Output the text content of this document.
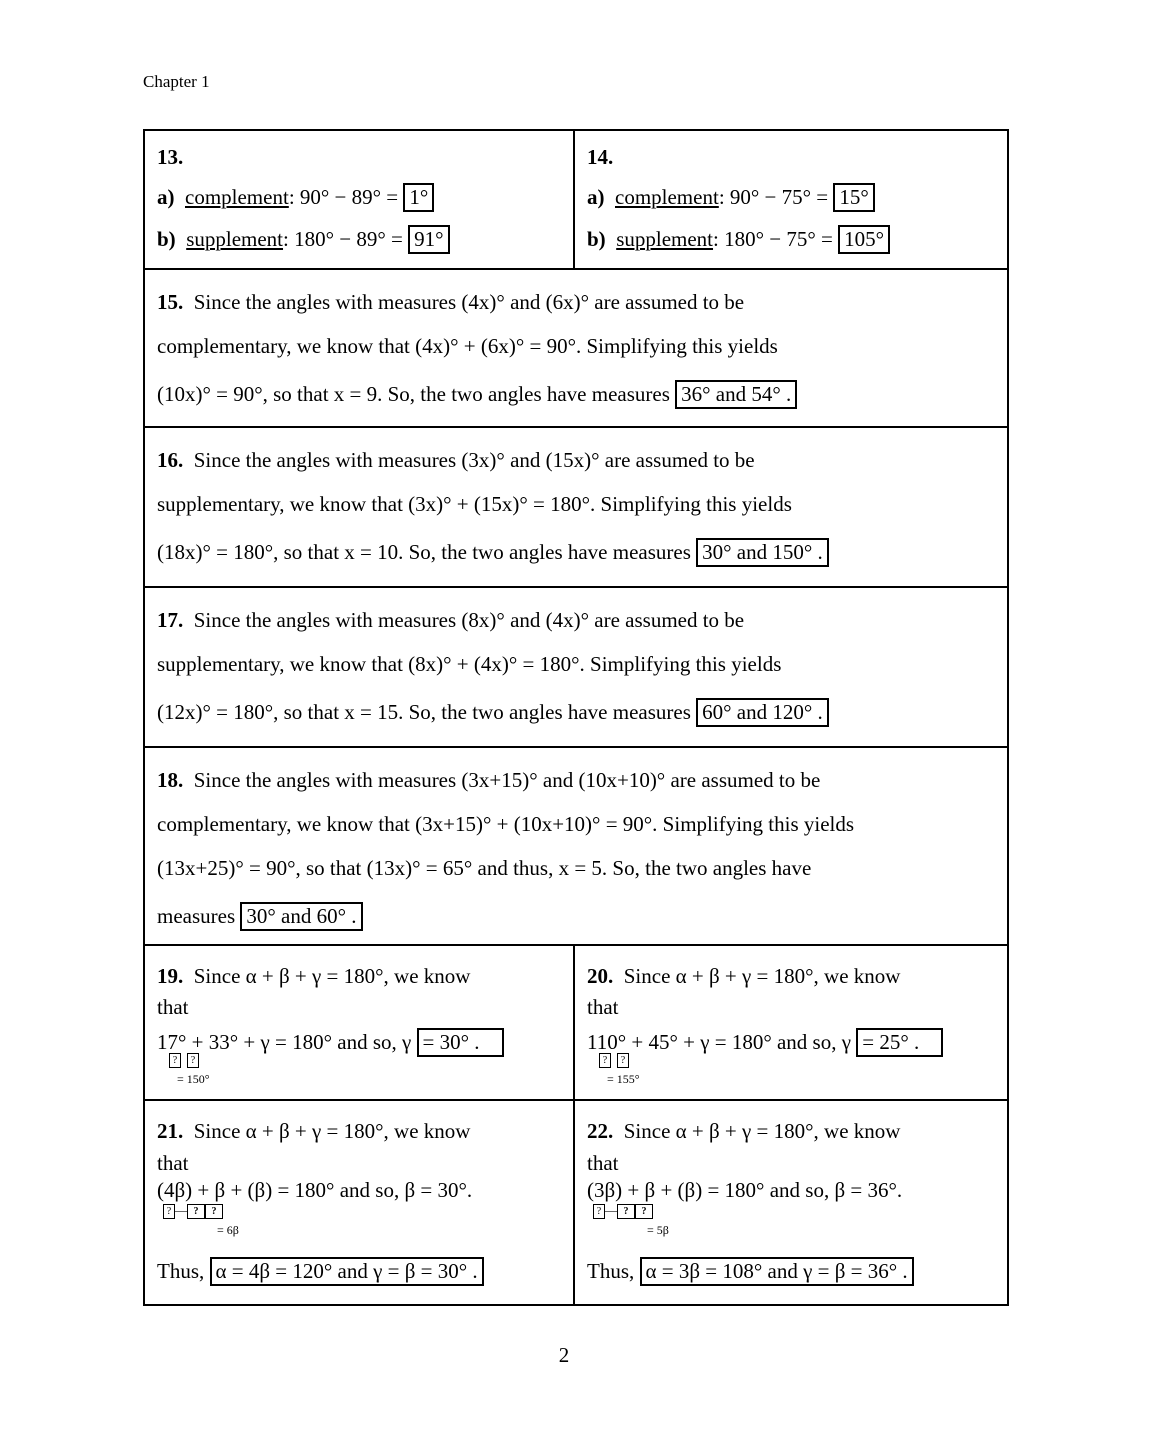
Chapter 1
13.
a) complement: 90° − 89° = 1°
b) supplement: 180° − 89° = 91°
14.
a) complement: 90° − 75° = 15°
b) supplement: 180° − 75° = 105°
15. Since the angles with measures (4x)° and (6x)° are assumed to be
complementary, we know that (4x)° + (6x)° = 90°. Simplifying this yields
(10x)° = 90°, so that x = 9. So, the two angles have measures 36° and 54° .
16. Since the angles with measures (3x)° and (15x)° are assumed to be
supplementary, we know that (3x)° + (15x)° = 180°. Simplifying this yields
(18x)° = 180°, so that x = 10. So, the two angles have measures 30° and 150° .
17. Since the angles with measures (8x)° and (4x)° are assumed to be
supplementary, we know that (8x)° + (4x)° = 180°. Simplifying this yields
(12x)° = 180°, so that x = 15. So, the two angles have measures 60° and 120° .
18. Since the angles with measures (3x+15)° and (10x+10)° are assumed to be
complementary, we know that (3x+15)° + (10x+10)° = 90°. Simplifying this yields
(13x+25)° = 90°, so that (13x)° = 65° and thus, x = 5. So, the two angles have
measures 30° and 60° .
19. Since α + β + γ = 180°, we know
that
17° + 33° + γ = 180° and so, γ = 30° .
? ?
= 150°
20. Since α + β + γ = 180°, we know
that
110° + 45° + γ = 180° and so, γ = 25° .
? ?
= 155°
21. Since α + β + γ = 180°, we know
that
(4β) + β + (β) = 180° and so, β = 30°.
? — ? ?
= 6β
Thus, α = 4β = 120° and γ = β = 30° .
22. Since α + β + γ = 180°, we know
that
(3β) + β + (β) = 180° and so, β = 36°.
? — ? ?
= 5β
Thus, α = 3β = 108° and γ = β = 36° .
2
